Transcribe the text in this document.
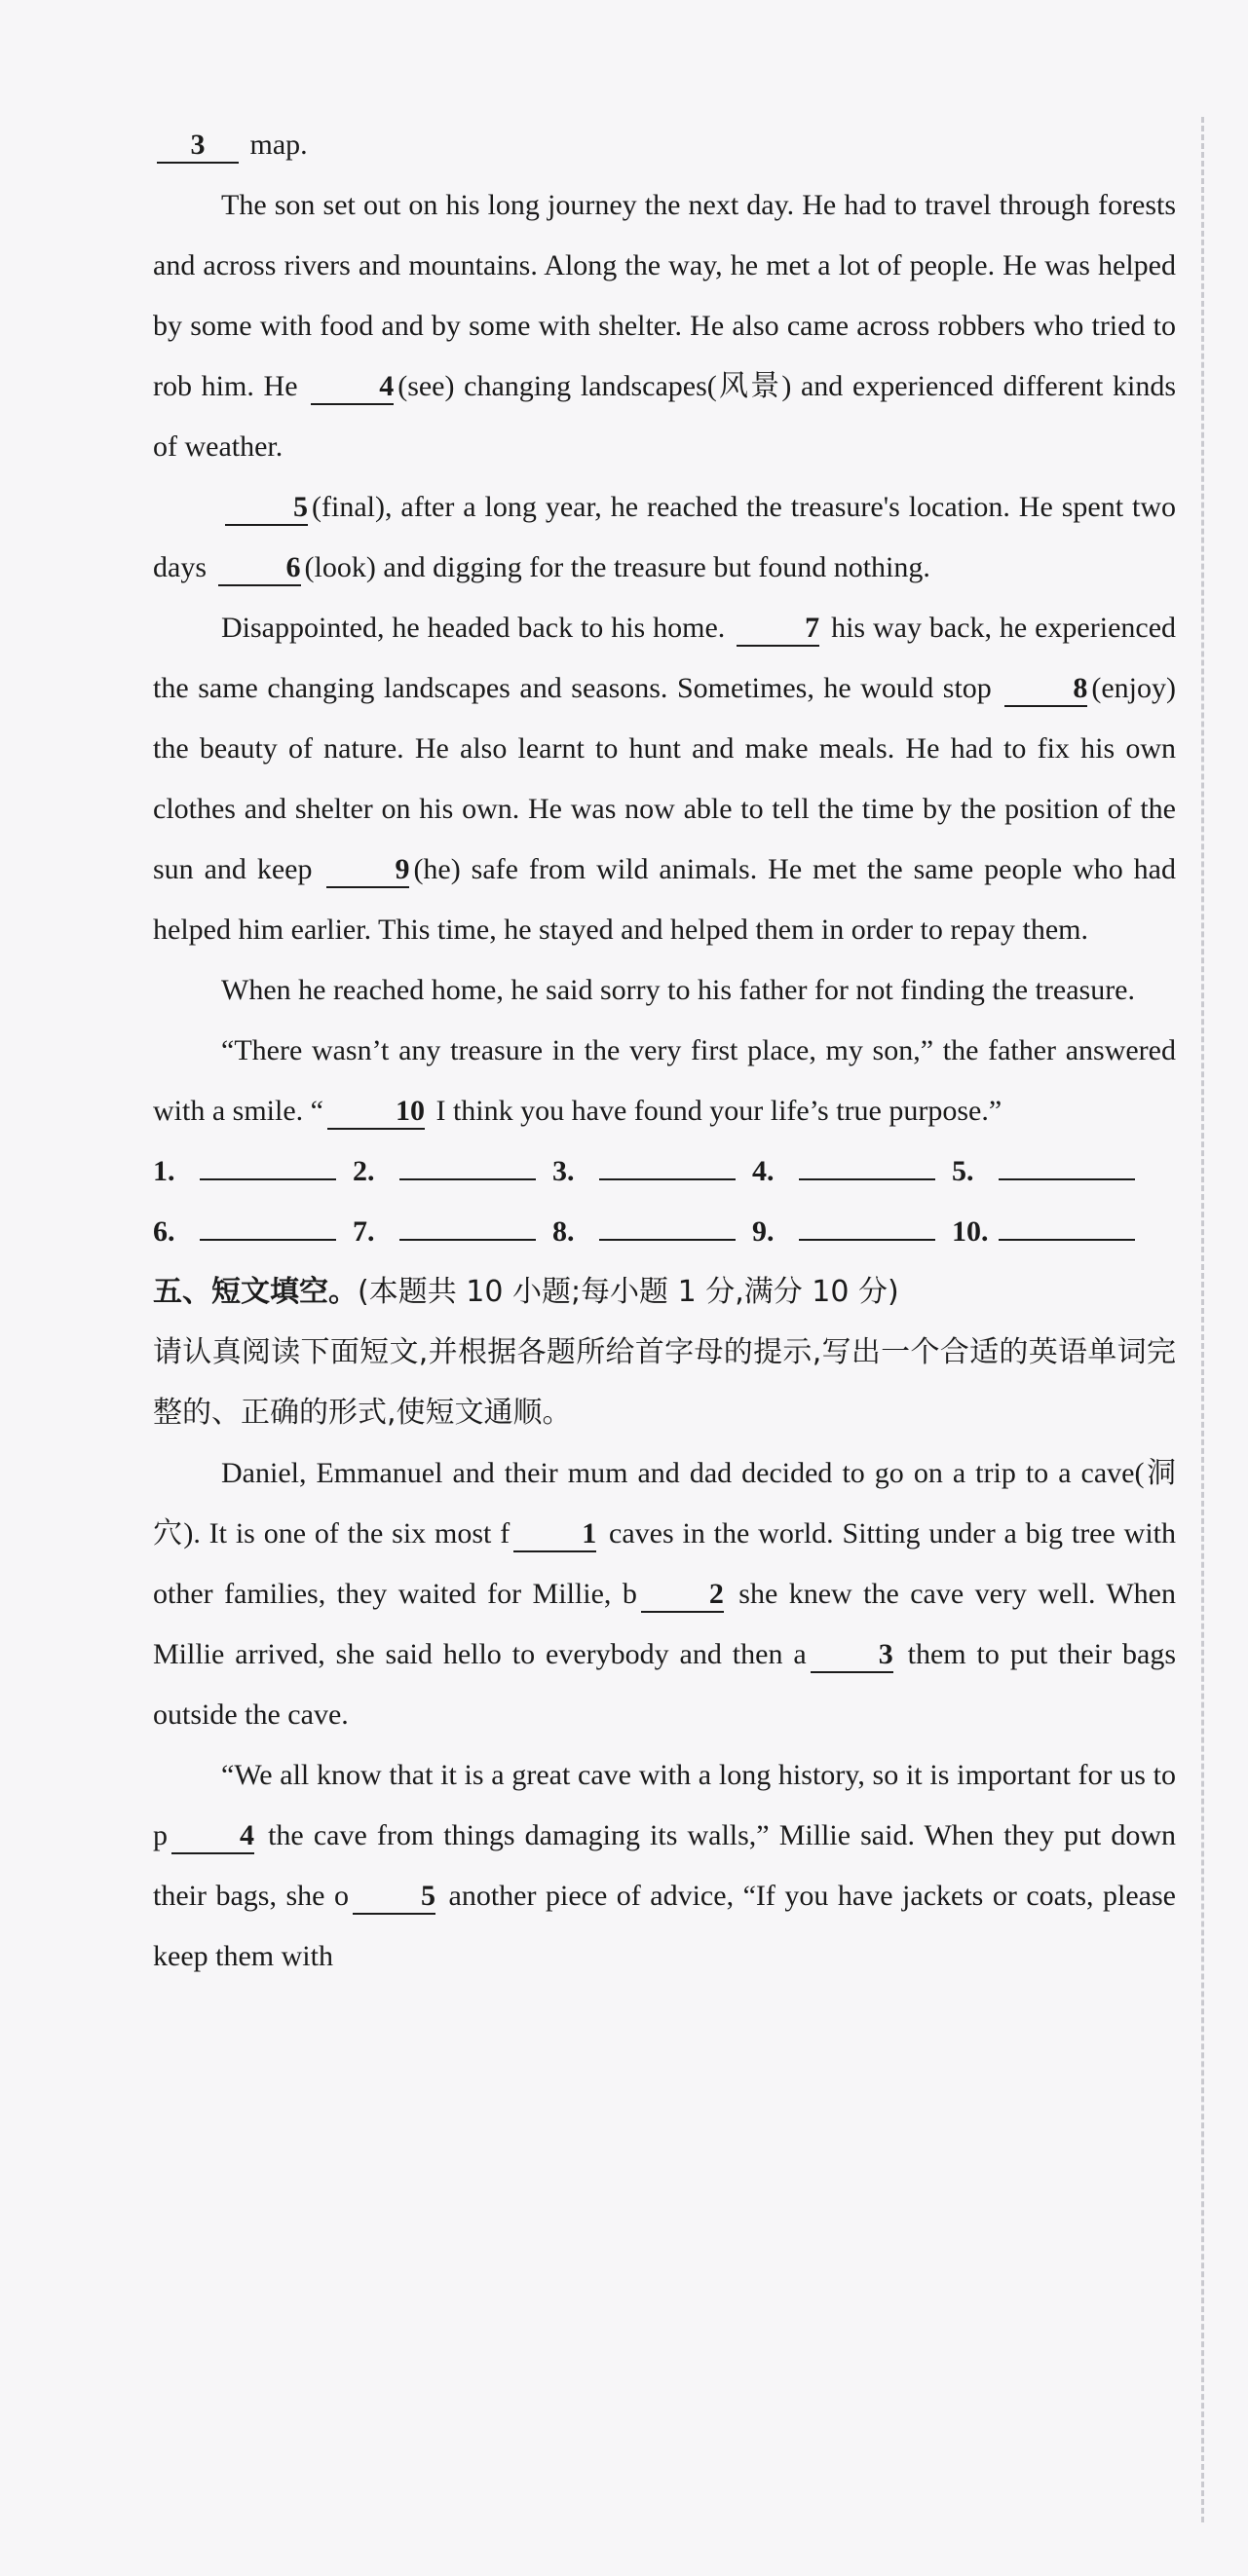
3 map.

The son set out on his long journey the next day. He had to travel through forests and across rivers and mountains. Along the way, he met a lot of people. He was helped by some with food and by some with shelter. He also came across robbers who tried to rob him. He	4 (see) changing landscapes(风景) and experienced different kinds of weather.

5 (final), after a long year, he reached the treasure's location. He spent two days	6 (look) and digging for the treasure but found nothing.

Disappointed, he headed back to his home.	7 his way back, he experienced the same changing landscapes and seasons. Sometimes, he would stop	8 (enjoy) the beauty of nature. He also learnt to hunt and make meals. He had to fix his own clothes and shelter on his own. He was now able to tell the time by the position of the sun and keep	9 (he) safe from wild animals. He met the same people who had helped him earlier. This time, he stayed and helped them in order to repay them.

When he reached home, he said sorry to his father for not finding the treasure.

“There wasn’t any treasure in the very first place, my son,” the father answered with a smile. “ 10 I think you have found your life’s true purpose.”

1.	2.	3.	4.	5.
6.	7.	8.	9.	10.
五、短文填空。(本题共 10 小题;每小题 1 分,满分 10 分)

请认真阅读下面短文,并根据各题所给首字母的提示,写出一个合适的英语单词完整的、正确的形式,使短文通顺。

Daniel, Emmanuel and their mum and dad decided to go on a trip to a cave(洞穴). It is one of the six most f 1 caves in the world. Sitting under a big tree with other families, they waited for Millie, b 2 she knew the cave very well. When Millie arrived, she said hello to everybody and then a 3 them to put their bags outside the cave.

“We all know that it is a great cave with a long history, so it is important for us to p 4 the cave from things damaging its walls,” Millie said. When they put down their bags, she o 5 another piece of advice, “If you have jackets or coats, please keep them with
